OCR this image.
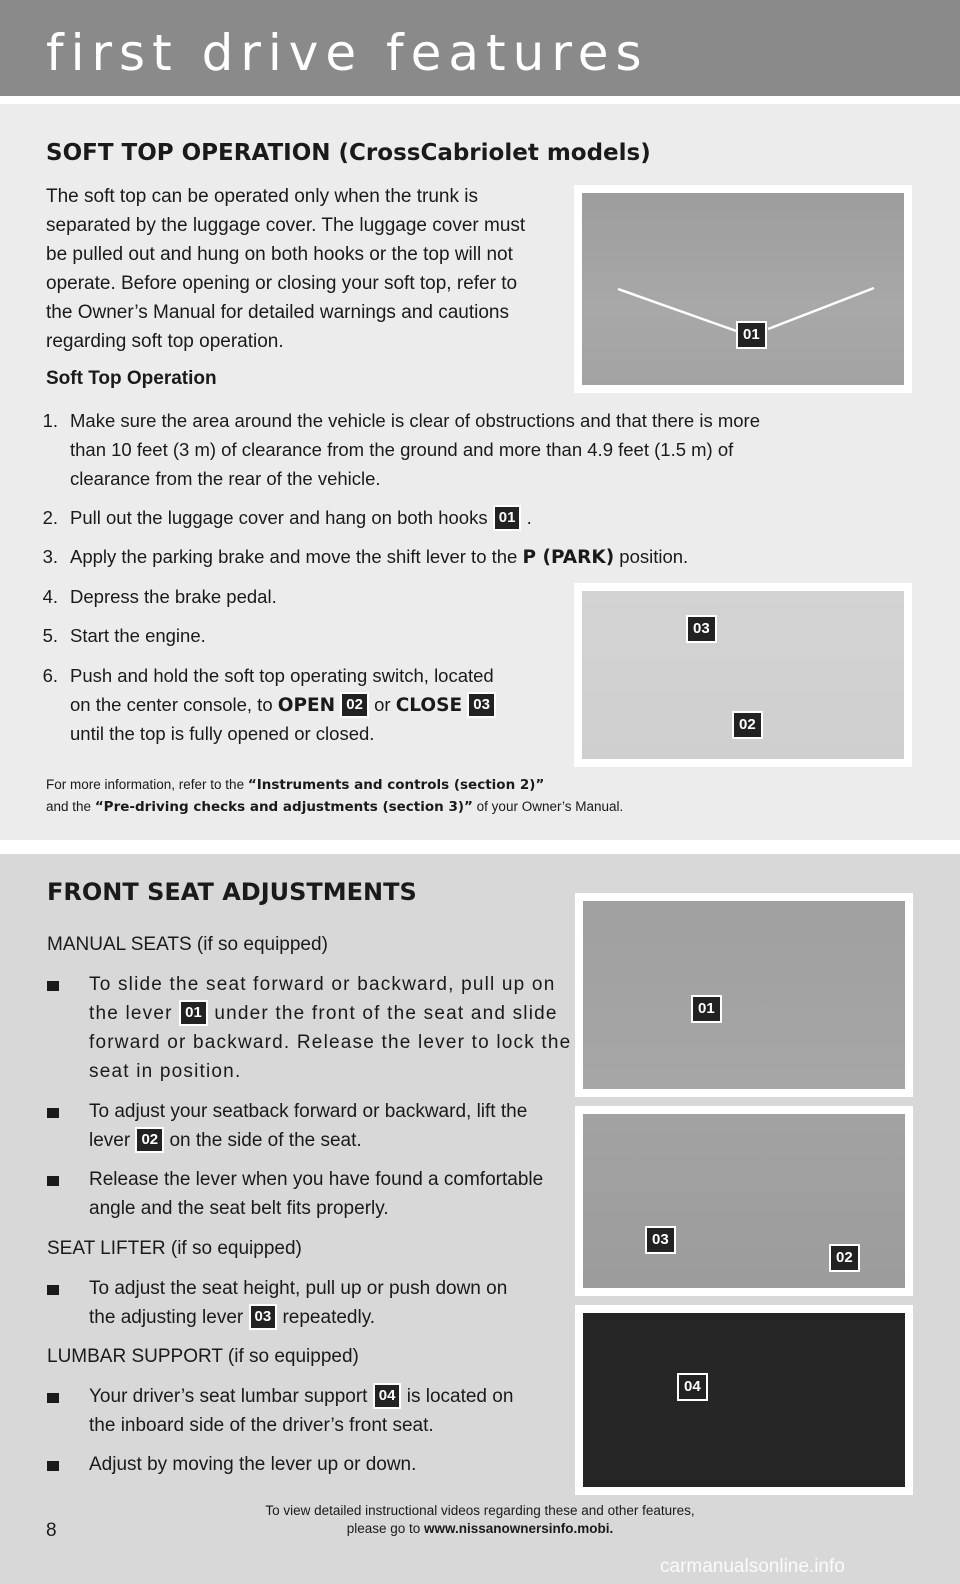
first drive features
SOFT TOP OPERATION (CrossCabriolet models)
The soft top can be operated only when the trunk is
separated by the luggage cover. The luggage cover must
be pulled out and hung on both hooks or the top will not
operate. Before opening or closing your soft top, refer to
the Owner’s Manual for detailed warnings and cautions
regarding soft top operation.
Soft Top Operation
1. Make sure the area around the vehicle is clear of obstructions and that there is more
than 10 feet (3 m) of clearance from the ground and more than 4.9 feet (1.5 m) of
clearance from the rear of the vehicle.
2. Pull out the luggage cover and hang on both hooks 01 .
3. Apply the parking brake and move the shift lever to the P (PARK) position.
4. Depress the brake pedal.
5. Start the engine.
6. Push and hold the soft top operating switch, located
on the center console, to OPEN 02 or CLOSE 03
until the top is fully opened or closed.
For more information, refer to the “Instruments and controls (section 2)”
and the “Pre-driving checks and adjustments (section 3)” of your Owner’s Manual.
01
03
02
FRONT SEAT ADJUSTMENTS
MANUAL SEATS (if so equipped)
To slide the seat forward or backward, pull up on
the lever 01 under the front of the seat and slide
forward or backward. Release the lever to lock the
seat in position.
To adjust your seatback forward or backward, lift the
lever 02 on the side of the seat.
Release the lever when you have found a comfortable
angle and the seat belt fits properly.
SEAT LIFTER (if so equipped)
To adjust the seat height, pull up or push down on
the adjusting lever 03 repeatedly.
LUMBAR SUPPORT (if so equipped)
Your driver’s seat lumbar support 04 is located on
the inboard side of the driver’s front seat.
Adjust by moving the lever up or down.
01
03
02
04
To view detailed instructional videos regarding these and other features,
please go to www.nissanownersinfo.mobi.
8
carmanualsonline.info
